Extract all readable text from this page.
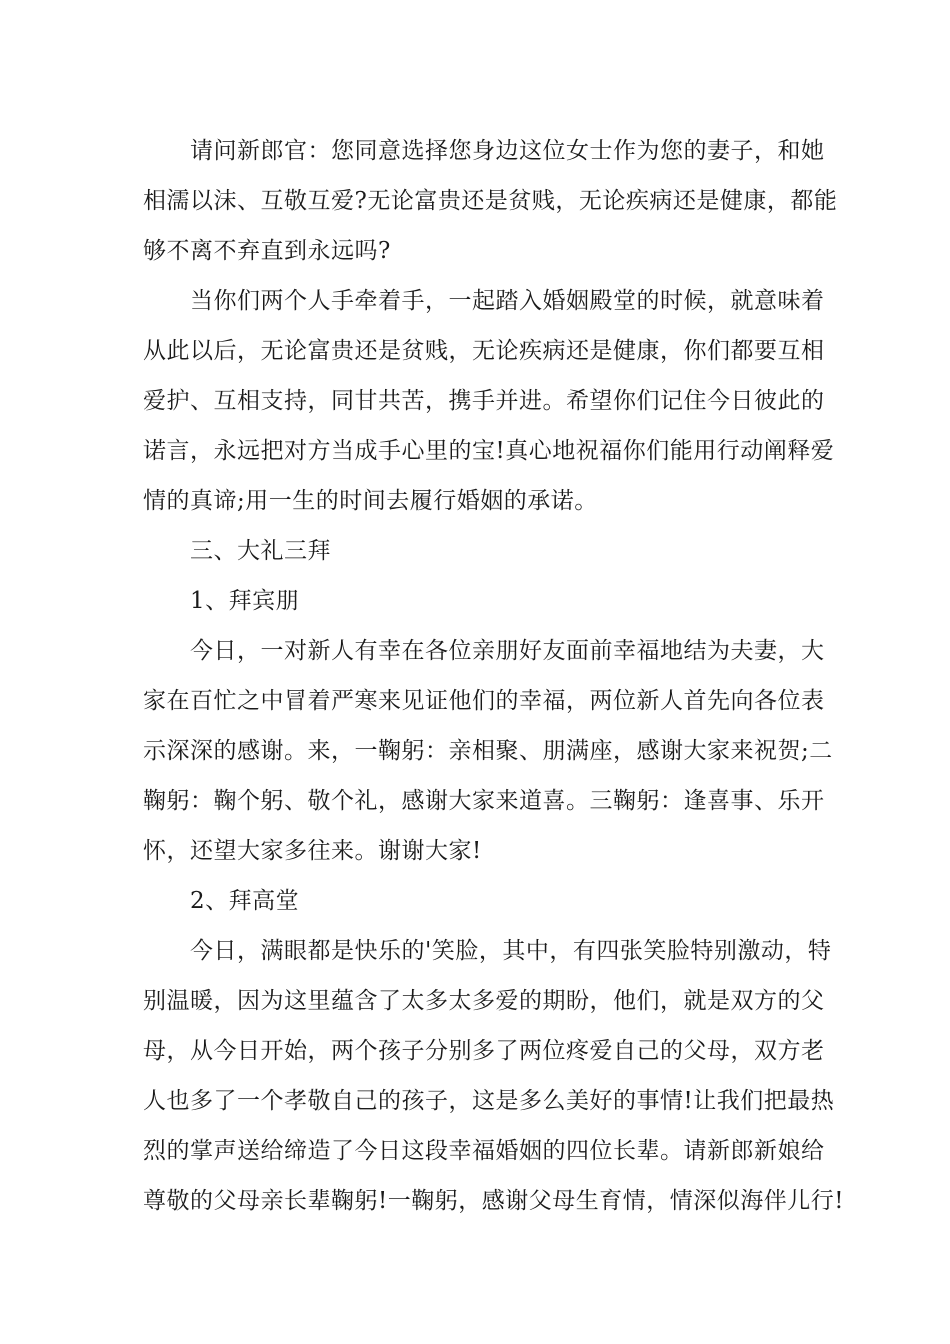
请问新郎官：您同意选择您身边这位女士作为您的妻子，和她
相濡以沫、互敬互爱?无论富贵还是贫贱，无论疾病还是健康，都能
够不离不弃直到永远吗?

当你们两个人手牵着手，一起踏入婚姻殿堂的时候，就意味着
从此以后，无论富贵还是贫贱，无论疾病还是健康，你们都要互相
爱护、互相支持，同甘共苦，携手并进。希望你们记住今日彼此的
诺言，永远把对方当成手心里的宝!真心地祝福你们能用行动阐释爱
情的真谛;用一生的时间去履行婚姻的承诺。

三、大礼三拜

1、拜宾朋

今日，一对新人有幸在各位亲朋好友面前幸福地结为夫妻，大
家在百忙之中冒着严寒来见证他们的幸福，两位新人首先向各位表
示深深的感谢。来，一鞠躬：亲相聚、朋满座，感谢大家来祝贺;二
鞠躬：鞠个躬、敬个礼，感谢大家来道喜。三鞠躬：逢喜事、乐开
怀，还望大家多往来。谢谢大家!

2、拜高堂

今日，满眼都是快乐的'笑脸，其中，有四张笑脸特别激动，特
别温暖，因为这里蕴含了太多太多爱的期盼，他们，就是双方的父
母，从今日开始，两个孩子分别多了两位疼爱自己的父母，双方老
人也多了一个孝敬自己的孩子，这是多么美好的事情!让我们把最热
烈的掌声送给缔造了今日这段幸福婚姻的四位长辈。请新郎新娘给
尊敬的父母亲长辈鞠躬!一鞠躬，感谢父母生育情，情深似海伴儿行!
